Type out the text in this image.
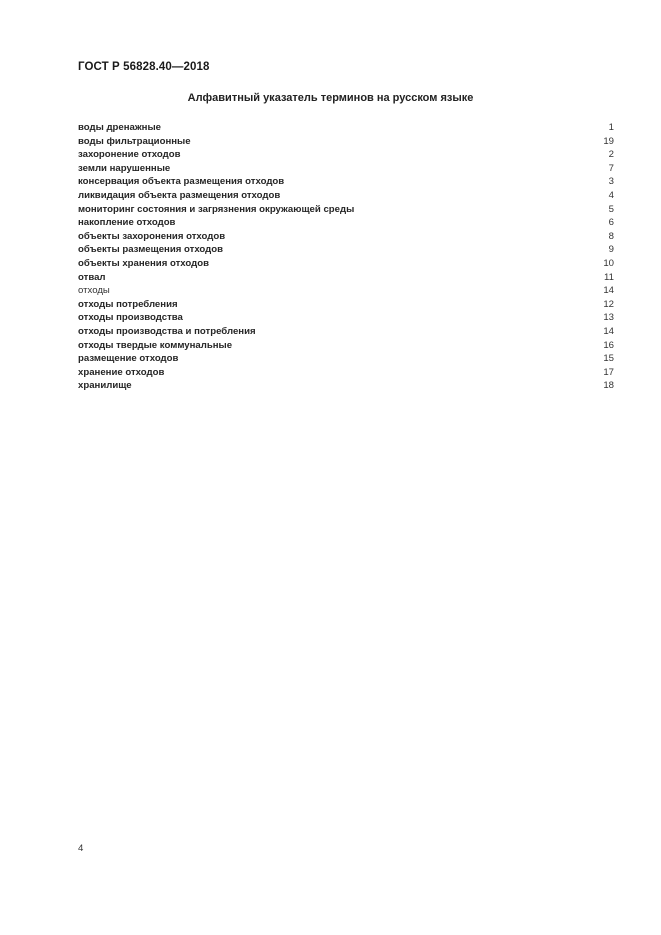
ГОСТ Р 56828.40—2018
Алфавитный указатель терминов на русском языке
воды дренажные	1
воды фильтрационные	19
захоронение отходов	2
земли нарушенные	7
консервация объекта размещения отходов	3
ликвидация объекта размещения отходов	4
мониторинг состояния и загрязнения окружающей среды	5
накопление отходов	6
объекты захоронения отходов	8
объекты размещения отходов	9
объекты хранения отходов	10
отвал	11
отходы	14
отходы потребления	12
отходы производства	13
отходы производства и потребления	14
отходы твердые коммунальные	16
размещение отходов	15
хранение отходов	17
хранилище	18
4
